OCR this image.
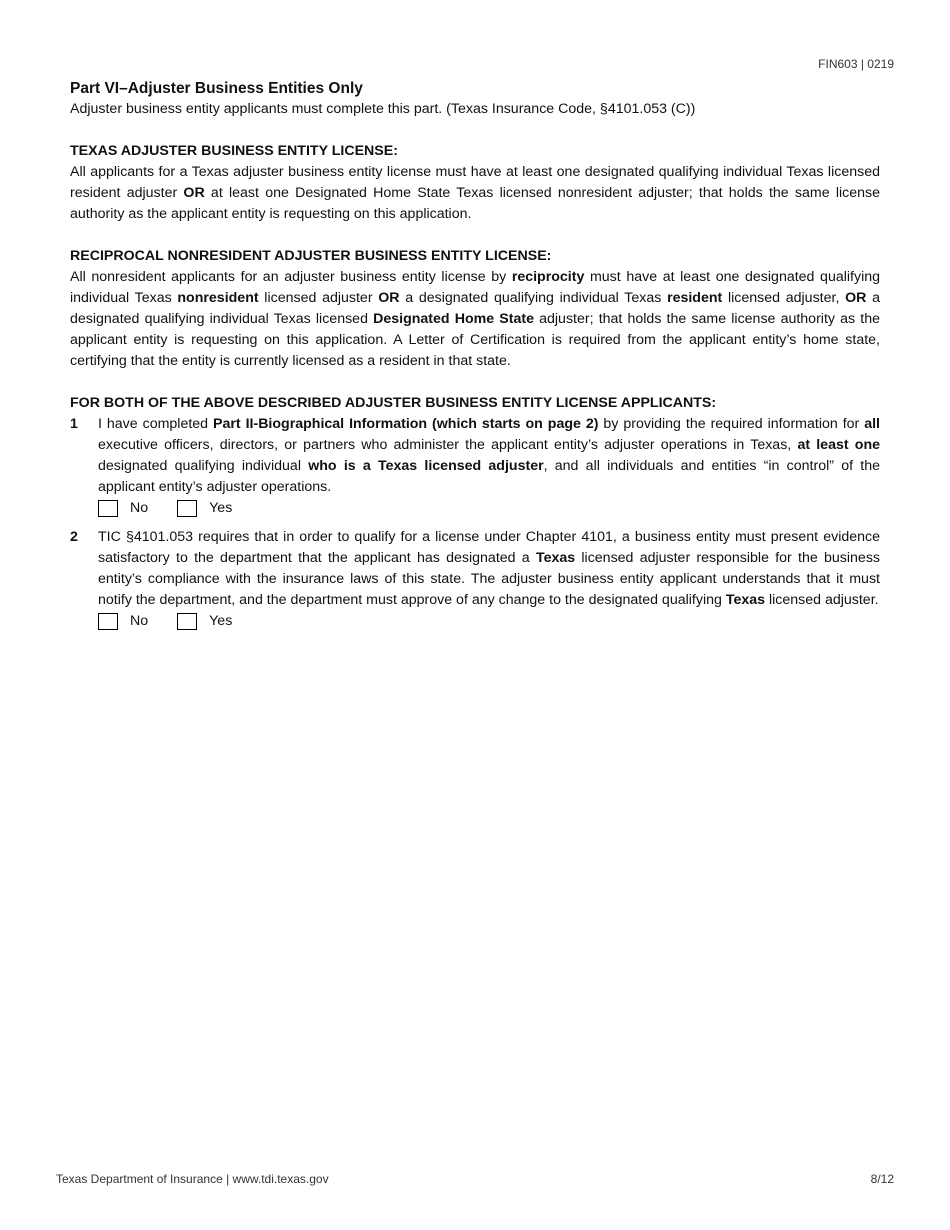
FIN603 | 0219

Part VI–Adjuster Business Entities Only

Adjuster business entity applicants must complete this part. (Texas Insurance Code, §4101.053 (C))

TEXAS ADJUSTER BUSINESS ENTITY LICENSE:

All applicants for a Texas adjuster business entity license must have at least one designated qualifying individual Texas licensed resident adjuster OR at least one Designated Home State Texas licensed nonresident adjuster; that holds the same license authority as the applicant entity is requesting on this application.

RECIPROCAL NONRESIDENT ADJUSTER BUSINESS ENTITY LICENSE:

All nonresident applicants for an adjuster business entity license by reciprocity must have at least one designated qualifying individual Texas nonresident licensed adjuster OR a designated qualifying individual Texas resident licensed adjuster, OR a designated qualifying individual Texas licensed Designated Home State adjuster; that holds the same license authority as the applicant entity is requesting on this application. A Letter of Certification is required from the applicant entity’s home state, certifying that the entity is currently licensed as a resident in that state.

FOR BOTH OF THE ABOVE DESCRIBED ADJUSTER BUSINESS ENTITY LICENSE APPLICANTS:

1 I have completed Part II-Biographical Information (which starts on page 2) by providing the required information for all executive officers, directors, or partners who administer the applicant entity’s adjuster operations in Texas, at least one designated qualifying individual who is a Texas licensed adjuster, and all individuals and entities “in control” of the applicant entity’s adjuster operations.

No	Yes
2 TIC §4101.053 requires that in order to qualify for a license under Chapter 4101, a business entity must present evidence satisfactory to the department that the applicant has designated a Texas licensed adjuster responsible for the business entity’s compliance with the insurance laws of this state. The adjuster business entity applicant understands that it must notify the department, and the department must approve of any change to the designated qualifying Texas licensed adjuster.

No	Yes
Texas Department of Insurance | www.tdi.texas.gov	8/12
